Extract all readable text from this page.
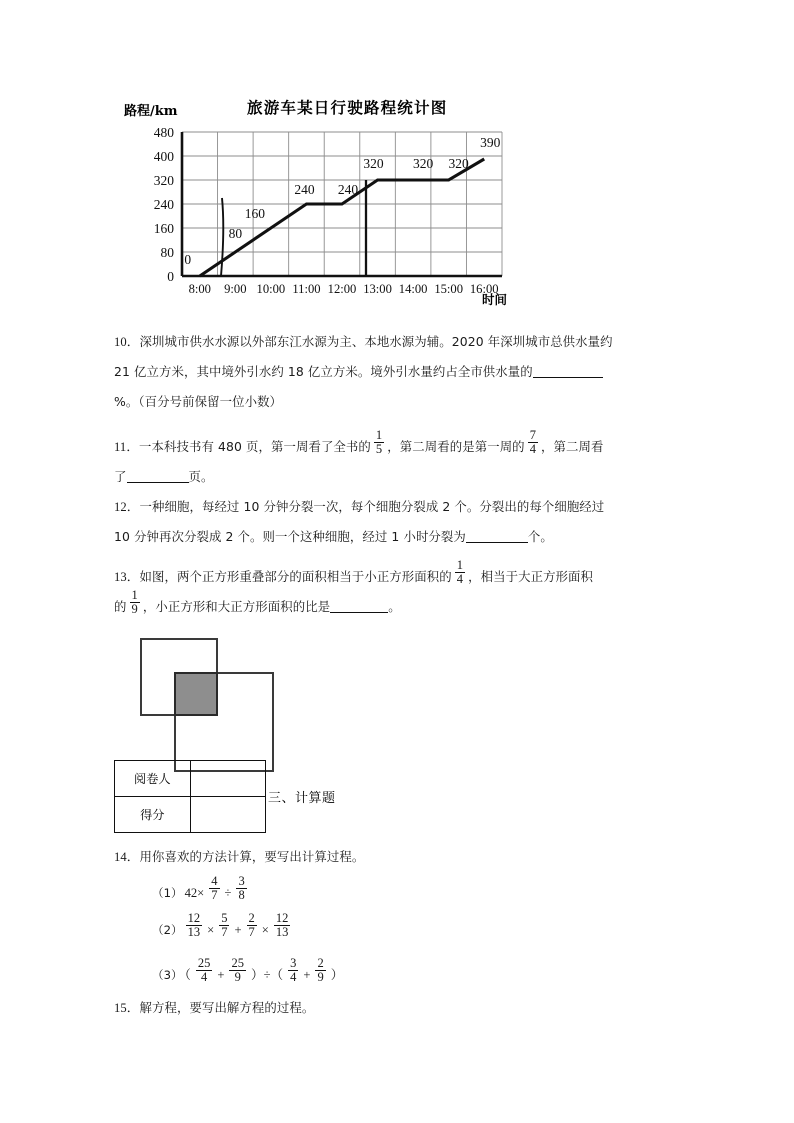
路程/km	旅游车某日行驶路程统计图
0
80
160
240
320
400
480
0
80
160
240 240
320 320 320
390
8:00 9:00 10:00 11:00 12:00 13:00 14:00 15:00 16:00
时间
10．深圳城市供水水源以外部东江水源为主、本地水源为辅。2020 年深圳城市总供水量约
21 亿立方米，其中境外引水约 18 亿立方米。境外引水量约占全市供水量的
%。（百分号前保留一位小数）
11．一本科技书有 480 页，第一周看了全书的 $\frac{1}{5}$ ，第二周看的是第一周的 $\frac{7}{4}$ ，第二周看
了	页。
12．一种细胞，每经过 10 分钟分裂一次，每个细胞分裂成 2 个。分裂出的每个细胞经过
10 分钟再次分裂成 2 个。则一个这种细胞，经过 1 小时分裂为	个。
13．如图，两个正方形重叠部分的面积相当于小正方形面积的 $\frac{1}{4}$ ，相当于大正方形面积
的 $\frac{1}{9}$ ，小正方形和大正方形面积的比是	。
阅卷人	
得分	
三、计算题
14．用你喜欢的方法计算，要写出计算过程。
（1） $42\times \frac{4}{7} \div \frac{3}{8}$
$(2) \frac{12}{13} \times \frac{5}{7} + \frac{2}{7} \times \frac{12}{13}$
（3） （ $\frac{25}{4} + \frac{25}{9}$ ）÷（ $\frac{3}{4} + \frac{2}{9}$ ）
15．解方程，要写出解方程的过程。
